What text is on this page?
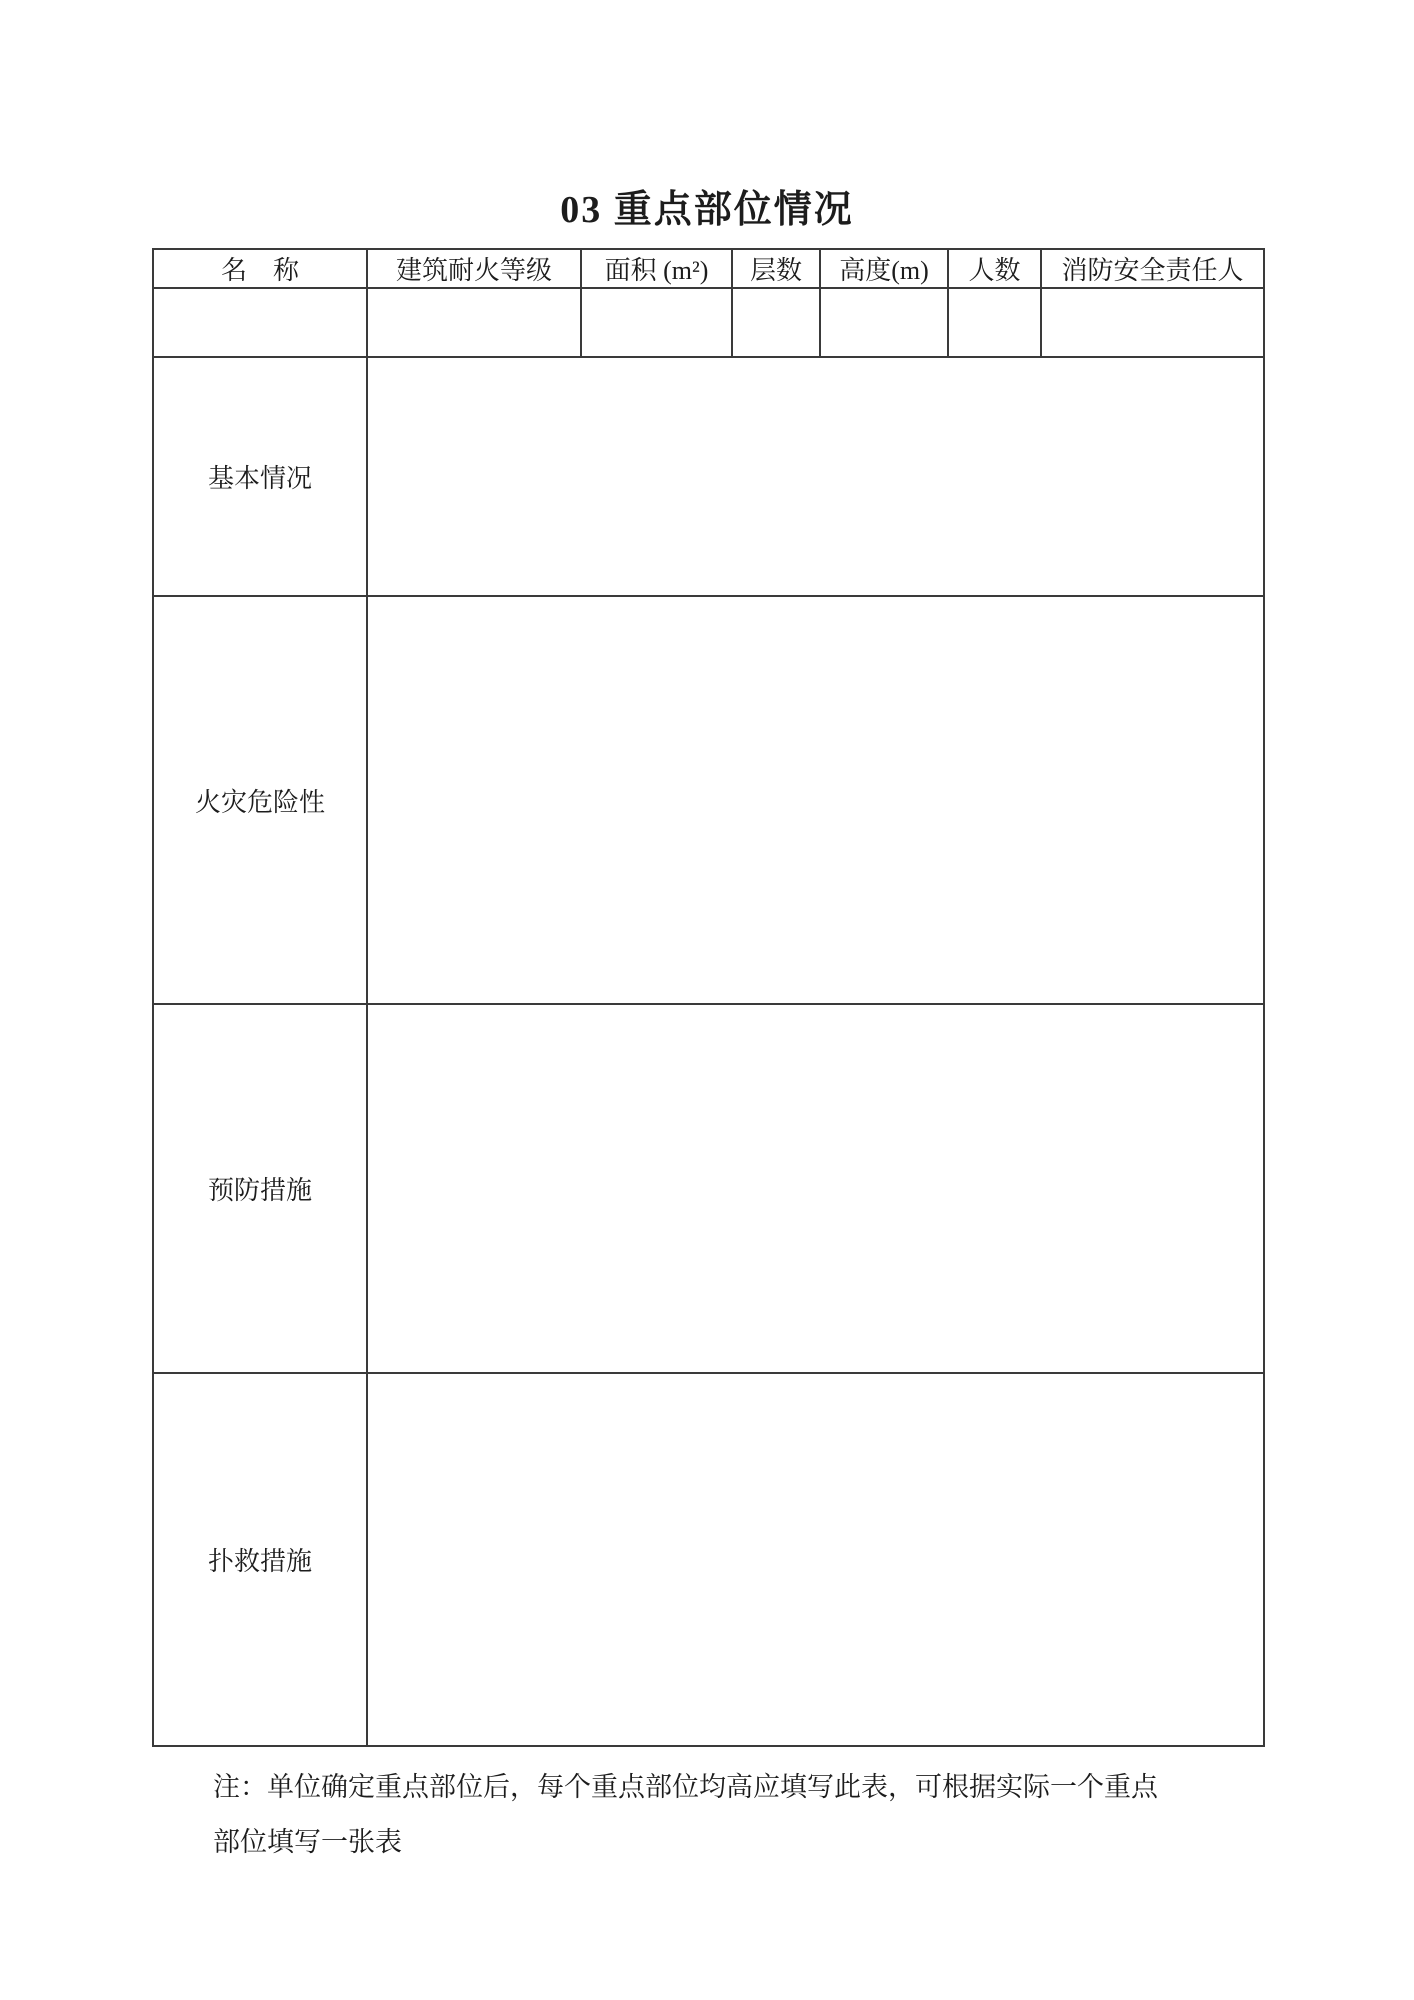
03 重点部位情况
名　称	建筑耐火等级	面积 (m²)	层数	高度(m)	人数	消防安全责任人

基本情况						
火灾危险性						
预防措施						
扑救措施						
注：单位确定重点部位后，每个重点部位均高应填写此表，可根据实际一个重点
部位填写一张表
